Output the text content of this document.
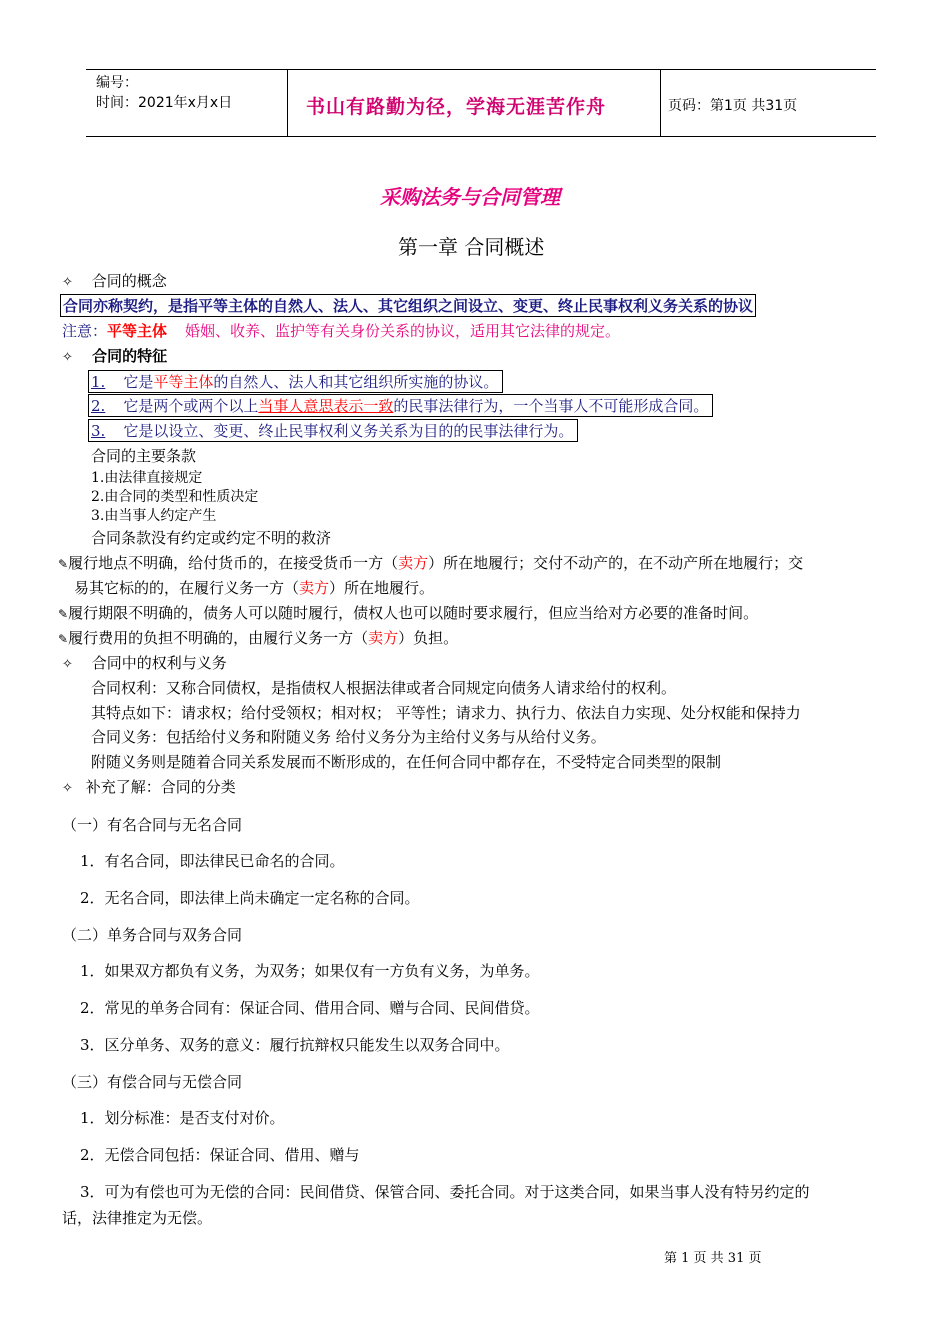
编号：
时间：2021年x月x日	书山有路勤为径，学海无涯苦作舟	页码：第1页 共31页
采购法务与合同管理
第一章 合同概述
✧ 合同的概念
合同亦称契约，是指平等主体的自然人、法人、其它组织之间设立、变更、终止民事权利义务关系的协议
注意：平等主体 婚姻、收养、监护等有关身份关系的协议，适用其它法律的规定。
✧ 合同的特征
1. 它是平等主体的自然人、法人和其它组织所实施的协议。
2. 它是两个或两个以上当事人意思表示一致的民事法律行为，一个当事人不可能形成合同。
3. 它是以设立、变更、终止民事权利义务关系为目的的民事法律行为。
合同的主要条款
1.由法律直接规定
2.由合同的类型和性质决定
3.由当事人约定产生
合同条款没有约定或约定不明的救济
✎履行地点不明确，给付货币的，在接受货币一方（卖方）所在地履行；交付不动产的，在不动产所在地履行；交
易其它标的的，在履行义务一方（卖方）所在地履行。
✎履行期限不明确的，债务人可以随时履行，债权人也可以随时要求履行，但应当给对方必要的准备时间。
✎履行费用的负担不明确的，由履行义务一方（卖方）负担。
✧ 合同中的权利与义务
合同权利：又称合同债权，是指债权人根据法律或者合同规定向债务人请求给付的权利。
其特点如下：请求权；给付受领权；相对权； 平等性；请求力、执行力、依法自力实现、处分权能和保持力
合同义务：包括给付义务和附随义务 给付义务分为主给付义务与从给付义务。
附随义务则是随着合同关系发展而不断形成的，在任何合同中都存在，不受特定合同类型的限制
✧ 补充了解：合同的分类
（一）有名合同与无名合同
1．有名合同，即法律民已命名的合同。
2．无名合同，即法律上尚未确定一定名称的合同。
（二）单务合同与双务合同
1．如果双方都负有义务，为双务；如果仅有一方负有义务，为单务。
2．常见的单务合同有：保证合同、借用合同、赠与合同、民间借贷。
3．区分单务、双务的意义：履行抗辩权只能发生以双务合同中。
（三）有偿合同与无偿合同
1．划分标准：是否支付对价。
2．无偿合同包括：保证合同、借用、赠与
3．可为有偿也可为无偿的合同：民间借贷、保管合同、委托合同。对于这类合同，如果当事人没有特另约定的
话，法律推定为无偿。
第 1 页 共 31 页
